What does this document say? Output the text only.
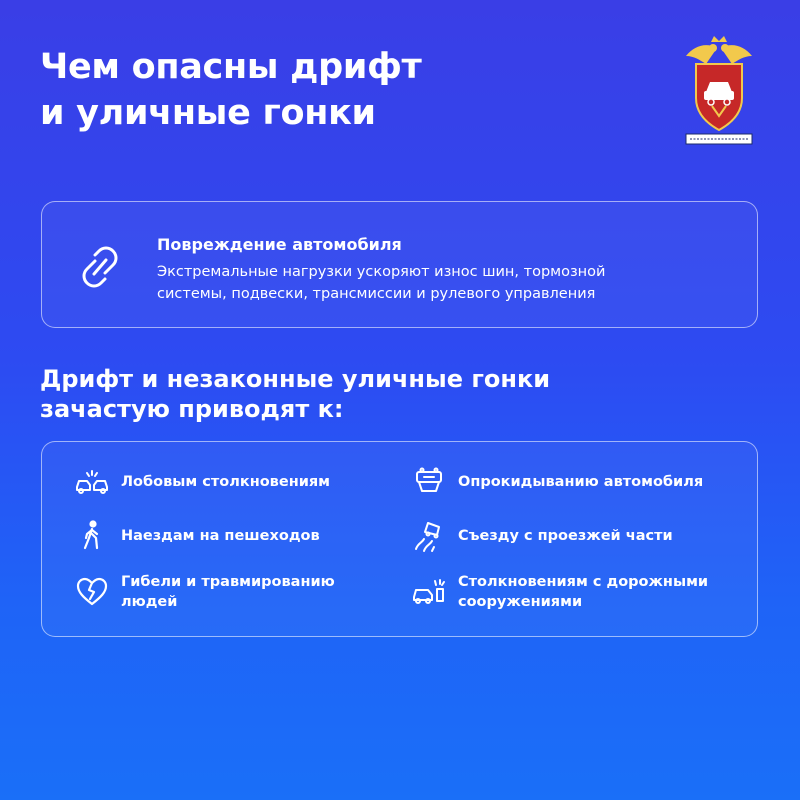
Чем опасны дрифт
и уличные гонки
Повреждение автомобиля
Экстремальные нагрузки ускоряют износ шин, тормозной
системы, подвески, трансмиссии и рулевого управления
Дрифт и незаконные уличные гонки
зачастую приводят к:
Лобовым столкновениям	Опрокидыванию автомобиля
Наездам на пешеходов	Съезду с проезжей части
Гибели и травмированию
людей
Столкновениям с дорожными
сооружениями
